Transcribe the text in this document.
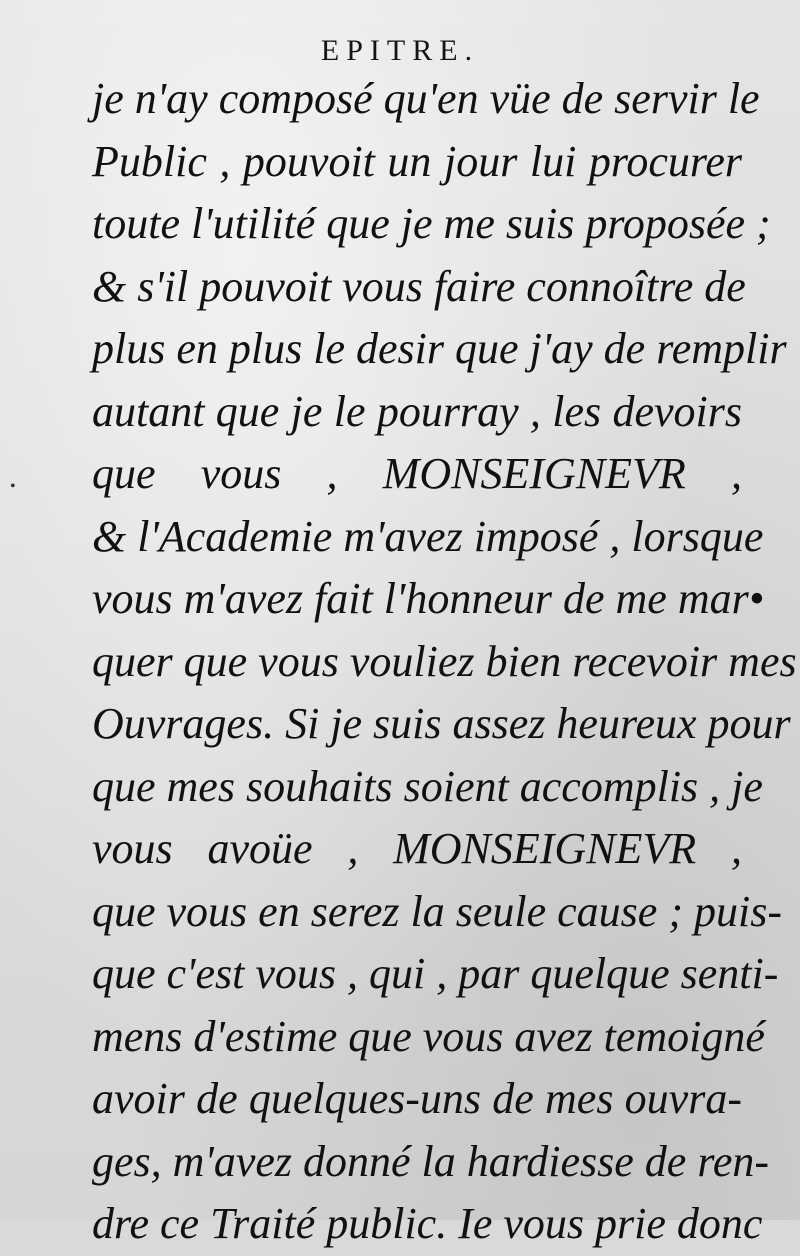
EPITRE.
•
je n'ay composé qu'en vüe de servir le
Public , pouvoit un jour lui procurer
toute l'utilité que je me suis proposée ;
& s'il pouvoit vous faire connoître de
plus en plus le desir que j'ay de remplir
autant que je le pourray , les devoirs
que vous , MONSEIGNEVR ,
& l'Academie m'avez imposé , lorsque
vous m'avez fait l'honneur de me mar•
quer que vous vouliez bien recevoir mes
Ouvrages. Si je suis assez heureux pour
que mes souhaits soient accomplis , je
vous avoüe , MONSEIGNEVR ,
que vous en serez la seule cause ; puis-
que c'est vous , qui , par quelque senti-
mens d'estime que vous avez temoigné
avoir de quelques-uns de mes ouvra-
ges, m'avez donné la hardiesse de ren-
dre ce Traité public. Ie vous prie donc
